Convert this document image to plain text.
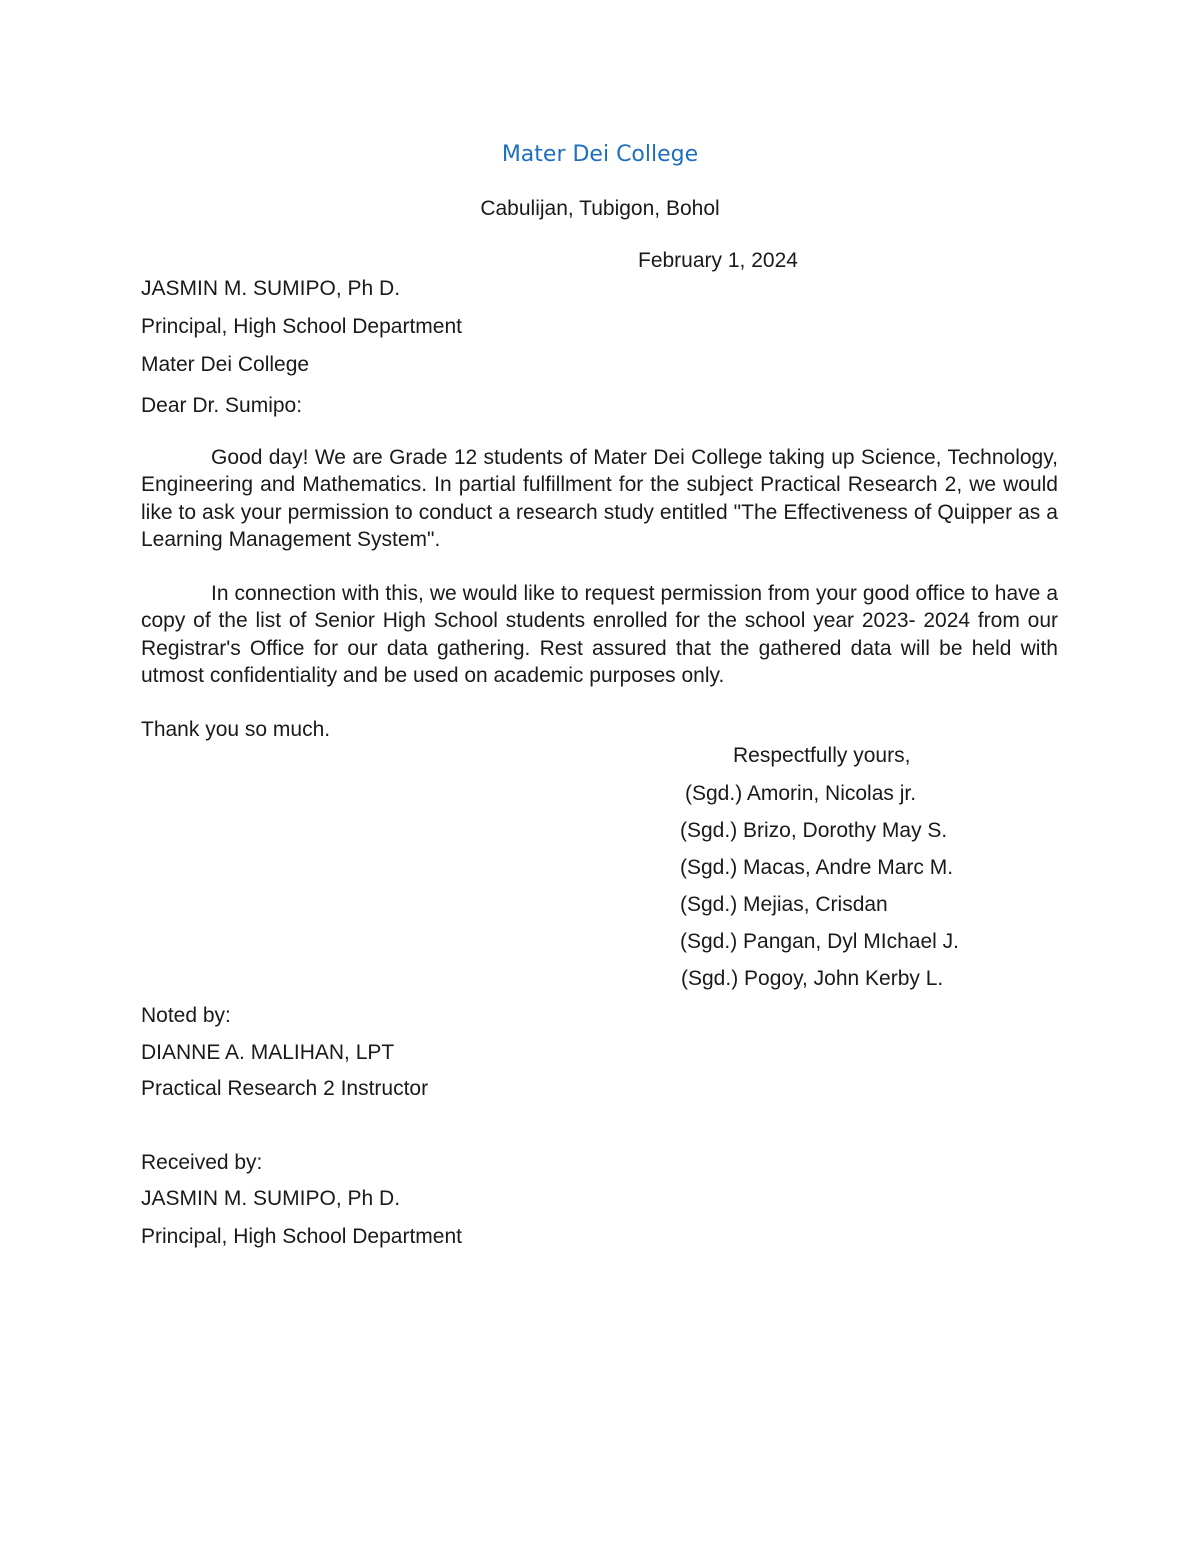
Mater Dei College
Cabulijan, Tubigon, Bohol
February 1, 2024
JASMIN M. SUMIPO, Ph D.
Principal, High School Department
Mater Dei College
Dear Dr. Sumipo:
Good day! We are Grade 12 students of Mater Dei College taking up Science, Technology, Engineering and Mathematics. In partial fulfillment for the subject Practical Research 2, we would like to ask your permission to conduct a research study entitled "The Effectiveness of Quipper as a Learning Management System".
In connection with this, we would like to request permission from your good office to have a copy of the list of Senior High School students enrolled for the school year 2023- 2024 from our Registrar's Office for our data gathering. Rest assured that the gathered data will be held with utmost confidentiality and be used on academic purposes only.
Thank you so much.
Respectfully yours,
(Sgd.) Amorin, Nicolas jr.
(Sgd.) Brizo, Dorothy May S.
(Sgd.) Macas, Andre Marc M.
(Sgd.) Mejias, Crisdan
(Sgd.) Pangan, Dyl MIchael J.
(Sgd.) Pogoy, John Kerby L.
Noted by:
DIANNE A. MALIHAN, LPT
Practical Research 2 Instructor
Received by:
JASMIN M. SUMIPO, Ph D.
Principal, High School Department
